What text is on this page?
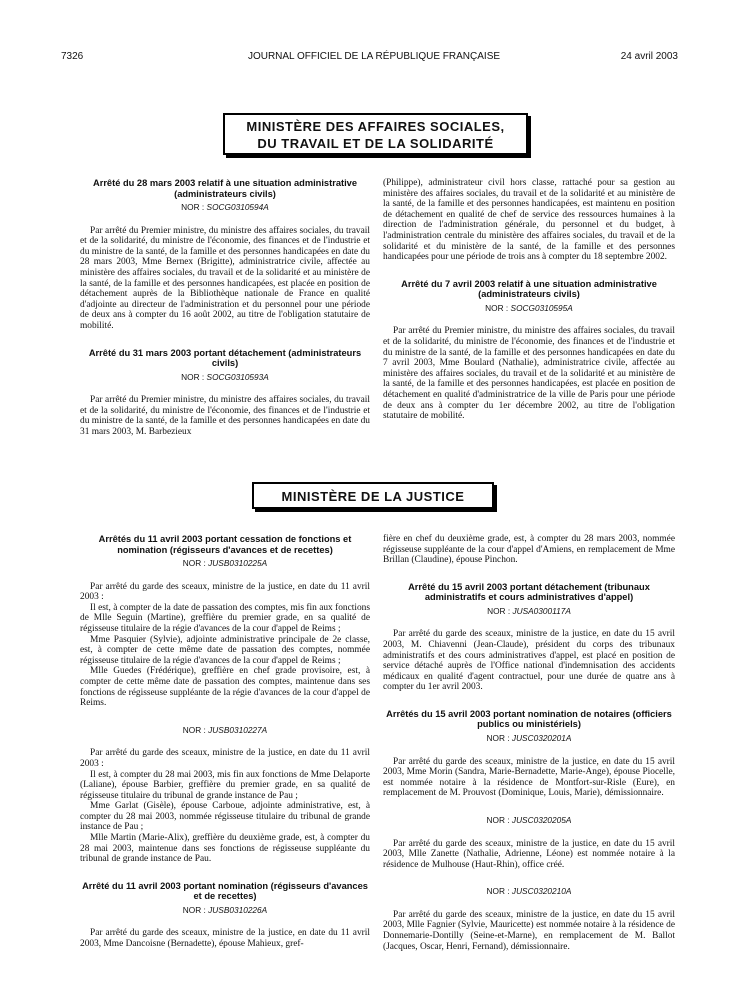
7326	JOURNAL OFFICIEL DE LA RÉPUBLIQUE FRANÇAISE	24 avril 2003
MINISTÈRE DES AFFAIRES SOCIALES,
DU TRAVAIL ET DE LA SOLIDARITÉ

Arrêté du 28 mars 2003 relatif à une situation administrative (administrateurs civils)

NOR : SOCG0310594A

Par arrêté du Premier ministre, du ministre des affaires sociales, du travail et de la solidarité, du ministre de l'économie, des finances et de l'industrie et du ministre de la santé, de la famille et des personnes handicapées en date du 28 mars 2003, Mme Bernex (Brigitte), administratrice civile, affectée au ministère des affaires sociales, du travail et de la solidarité et au ministère de la santé, de la famille et des personnes handicapées, est placée en position de détachement auprès de la Bibliothèque nationale de France en qualité d'adjointe au directeur de l'administration et du personnel pour une période de deux ans à compter du 16 août 2002, au titre de l'obligation statutaire de mobilité.

Arrêté du 31 mars 2003 portant détachement (administrateurs civils)

NOR : SOCG0310593A

Par arrêté du Premier ministre, du ministre des affaires sociales, du travail et de la solidarité, du ministre de l'économie, des finances et de l'industrie et du ministre de la santé, de la famille et des personnes handicapées en date du 31 mars 2003, M. Barbezieux

(Philippe), administrateur civil hors classe, rattaché pour sa gestion au ministère des affaires sociales, du travail et de la solidarité et au ministère de la santé, de la famille et des personnes handicapées, est maintenu en position de détachement en qualité de chef de service des ressources humaines à la direction de l'administration générale, du personnel et du budget, à l'administration centrale du ministère des affaires sociales, du travail et de la solidarité et du ministère de la santé, de la famille et des personnes handicapées pour une période de trois ans à compter du 18 septembre 2002.

Arrêté du 7 avril 2003 relatif à une situation administrative (administrateurs civils)

NOR : SOCG0310595A

Par arrêté du Premier ministre, du ministre des affaires sociales, du travail et de la solidarité, du ministre de l'économie, des finances et de l'industrie et du ministre de la santé, de la famille et des personnes handicapées en date du 7 avril 2003, Mme Boulard (Nathalie), administratrice civile, affectée au ministère des affaires sociales, du travail et de la solidarité et au ministère de la santé, de la famille et des personnes handicapées, est placée en position de détachement en qualité d'administratrice de la ville de Paris pour une période de deux ans à compter du 1er décembre 2002, au titre de l'obligation statutaire de mobilité.

MINISTÈRE DE LA JUSTICE

Arrêtés du 11 avril 2003 portant cessation de fonctions et nomination (régisseurs d'avances et de recettes)

NOR : JUSB0310225A

Par arrêté du garde des sceaux, ministre de la justice, en date du 11 avril 2003 :

Il est, à compter de la date de passation des comptes, mis fin aux fonctions de Mlle Seguin (Martine), greffière du premier grade, en sa qualité de régisseuse titulaire de la régie d'avances de la cour d'appel de Reims ;

Mme Pasquier (Sylvie), adjointe administrative principale de 2e classe, est, à compter de cette même date de passation des comptes, nommée régisseuse titulaire de la régie d'avances de la cour d'appel de Reims ;

Mlle Guedes (Frédérique), greffière en chef grade provisoire, est, à compter de cette même date de passation des comptes, maintenue dans ses fonctions de régisseuse suppléante de la régie d'avances de la cour d'appel de Reims.

NOR : JUSB0310227A

Par arrêté du garde des sceaux, ministre de la justice, en date du 11 avril 2003 :

Il est, à compter du 28 mai 2003, mis fin aux fonctions de Mme Delaporte (Laliane), épouse Barbier, greffière du premier grade, en sa qualité de régisseuse titulaire du tribunal de grande instance de Pau ;

Mme Garlat (Gisèle), épouse Carboue, adjointe administrative, est, à compter du 28 mai 2003, nommée régisseuse titulaire du tribunal de grande instance de Pau ;

Mlle Martin (Marie-Alix), greffière du deuxième grade, est, à compter du 28 mai 2003, maintenue dans ses fonctions de régisseuse suppléante du tribunal de grande instance de Pau.

Arrêté du 11 avril 2003 portant nomination (régisseurs d'avances et de recettes)

NOR : JUSB0310226A

Par arrêté du garde des sceaux, ministre de la justice, en date du 11 avril 2003, Mme Dancoisne (Bernadette), épouse Mahieux, gref-

fière en chef du deuxième grade, est, à compter du 28 mars 2003, nommée régisseuse suppléante de la cour d'appel d'Amiens, en remplacement de Mme Brillan (Claudine), épouse Pinchon.

Arrêté du 15 avril 2003 portant détachement (tribunaux administratifs et cours administratives d'appel)

NOR : JUSA0300117A

Par arrêté du garde des sceaux, ministre de la justice, en date du 15 avril 2003, M. Chiavenni (Jean-Claude), président du corps des tribunaux administratifs et des cours administratives d'appel, est placé en position de service détaché auprès de l'Office national d'indemnisation des accidents médicaux en qualité d'agent contractuel, pour une durée de quatre ans à compter du 1er avril 2003.

Arrêtés du 15 avril 2003 portant nomination de notaires (officiers publics ou ministériels)

NOR : JUSC0320201A

Par arrêté du garde des sceaux, ministre de la justice, en date du 15 avril 2003, Mme Morin (Sandra, Marie-Bernadette, Marie-Ange), épouse Piocelle, est nommée notaire à la résidence de Montfort-sur-Risle (Eure), en remplacement de M. Prouvost (Dominique, Louis, Marie), démissionnaire.

NOR : JUSC0320205A

Par arrêté du garde des sceaux, ministre de la justice, en date du 15 avril 2003, Mlle Zanette (Nathalie, Adrienne, Léone) est nommée notaire à la résidence de Mulhouse (Haut-Rhin), office créé.

NOR : JUSC0320210A

Par arrêté du garde des sceaux, ministre de la justice, en date du 15 avril 2003, Mlle Fagnier (Sylvie, Mauricette) est nommée notaire à la résidence de Donnemarie-Dontilly (Seine-et-Marne), en remplacement de M. Ballot (Jacques, Oscar, Henri, Fernand), démissionnaire.
